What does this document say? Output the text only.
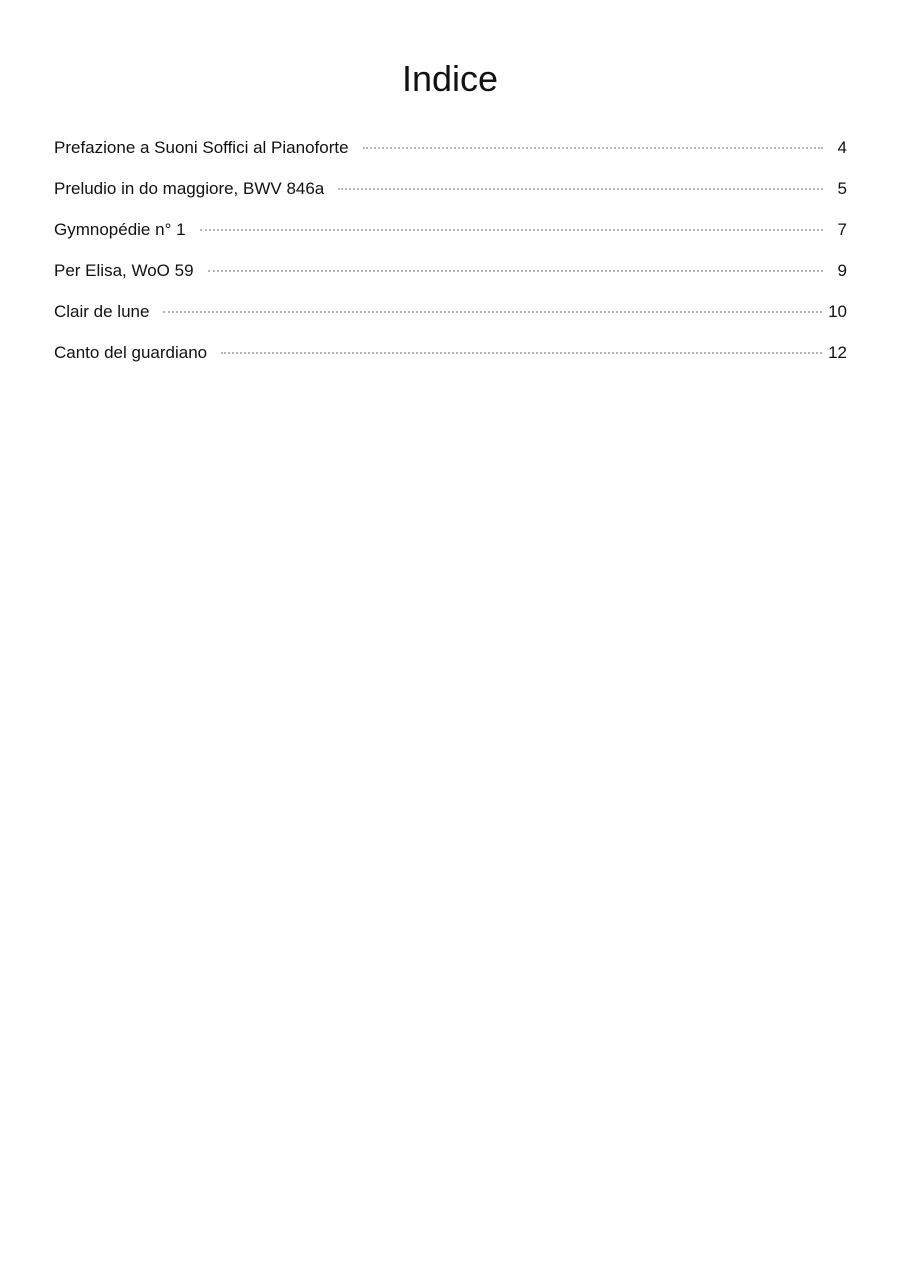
Indice
Prefazione a Suoni Soffici al Pianoforte	4
Preludio in do maggiore, BWV 846a	5
Gymnopédie n° 1	7
Per Elisa, WoO 59	9
Clair de lune	10
Canto del guardiano	12
